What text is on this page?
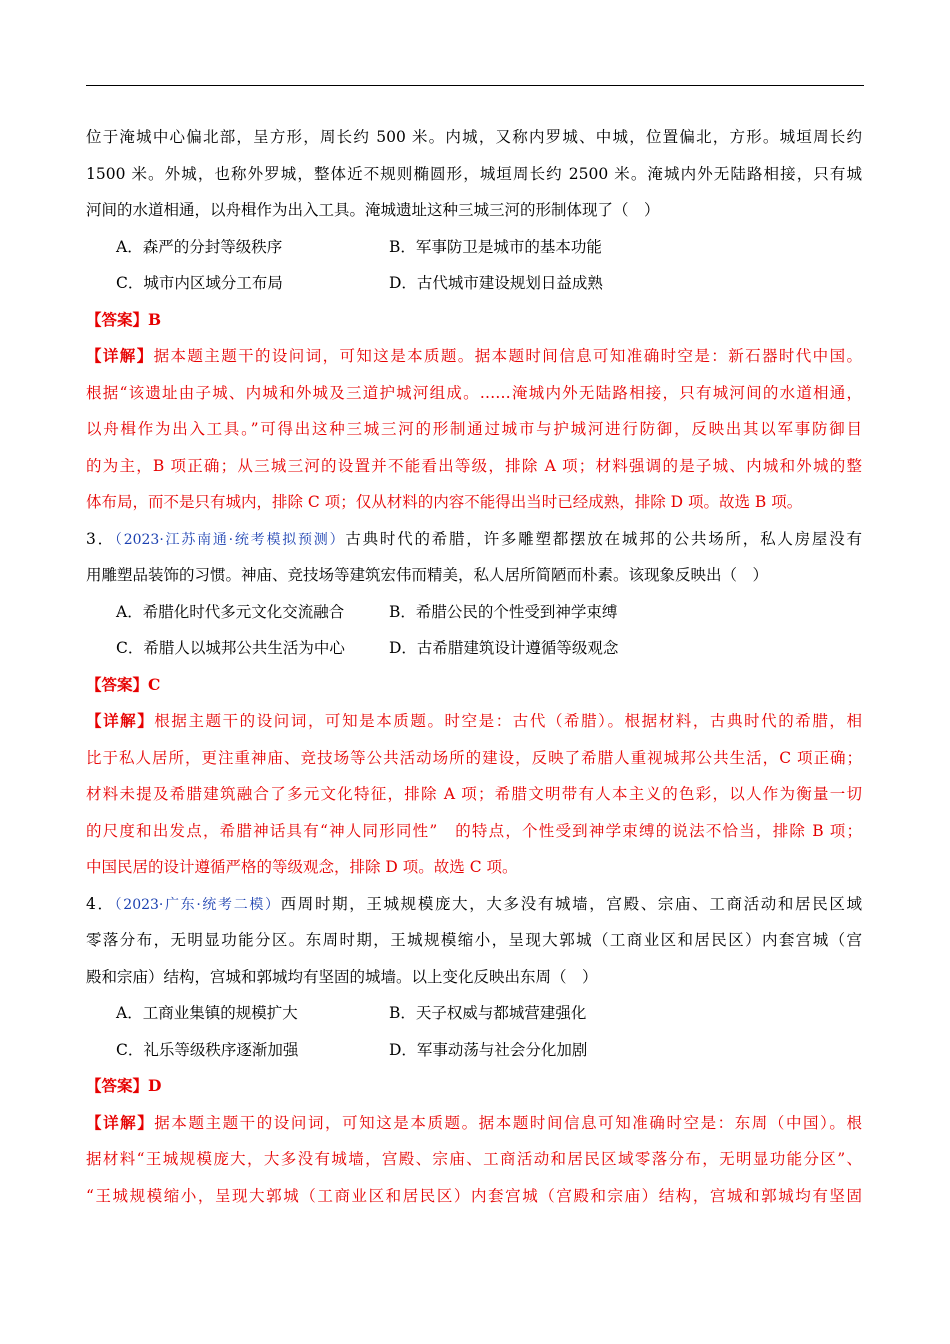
位于淹城中心偏北部，呈方形，周长约 500 米。内城，又称内罗城、中城，位置偏北，方形。城垣周长约
1500 米。外城，也称外罗城，整体近不规则椭圆形，城垣周长约 2500 米。淹城内外无陆路相接，只有城
河间的水道相通，以舟楫作为出入工具。淹城遗址这种三城三河的形制体现了（　）
A．森严的分封等级秩序	B．军事防卫是城市的基本功能
C．城市内区域分工布局	D．古代城市建设规划日益成熟
【答案】B
【详解】据本题主题干的设问词，可知这是本质题。据本题时间信息可知准确时空是：新石器时代中国。
根据“该遗址由子城、内城和外城及三道护城河组成。……淹城内外无陆路相接，只有城河间的水道相通，
以舟楫作为出入工具。”可得出这种三城三河的形制通过城市与护城河进行防御，反映出其以军事防御目
的为主，B 项正确；从三城三河的设置并不能看出等级，排除 A 项；材料强调的是子城、内城和外城的整
体布局，而不是只有城内，排除 C 项；仅从材料的内容不能得出当时已经成熟，排除 D 项。故选 B 项。
3．（2023·江苏南通·统考模拟预测）古典时代的希腊，许多雕塑都摆放在城邦的公共场所，私人房屋没有
用雕塑品装饰的习惯。神庙、竞技场等建筑宏伟而精美，私人居所简陋而朴素。该现象反映出（　）
A．希腊化时代多元文化交流融合	B．希腊公民的个性受到神学束缚
C．希腊人以城邦公共生活为中心	D．古希腊建筑设计遵循等级观念
【答案】C
【详解】根据主题干的设问词，可知是本质题。时空是：古代（希腊）。根据材料，古典时代的希腊，相
比于私人居所，更注重神庙、竞技场等公共活动场所的建设，反映了希腊人重视城邦公共生活，C 项正确；
材料未提及希腊建筑融合了多元文化特征，排除 A 项；希腊文明带有人本主义的色彩，以人作为衡量一切
的尺度和出发点，希腊神话具有“神人同形同性”　的特点，个性受到神学束缚的说法不恰当，排除 B 项；
中国民居的设计遵循严格的等级观念，排除 D 项。故选 C 项。
4．（2023·广东·统考二模）西周时期，王城规模庞大，大多没有城墙，宫殿、宗庙、工商活动和居民区域
零落分布，无明显功能分区。东周时期，王城规模缩小，呈现大郭城（工商业区和居民区）内套宫城（宫
殿和宗庙）结构，宫城和郭城均有坚固的城墙。以上变化反映出东周（　）
A．工商业集镇的规模扩大	B．天子权威与都城营建强化
C．礼乐等级秩序逐渐加强	D．军事动荡与社会分化加剧
【答案】D
【详解】据本题主题干的设问词，可知这是本质题。据本题时间信息可知准确时空是：东周（中国）。根
据材料“王城规模庞大，大多没有城墙，宫殿、宗庙、工商活动和居民区域零落分布，无明显功能分区”、
“王城规模缩小，呈现大郭城（工商业区和居民区）内套宫城（宫殿和宗庙）结构，宫城和郭城均有坚固
